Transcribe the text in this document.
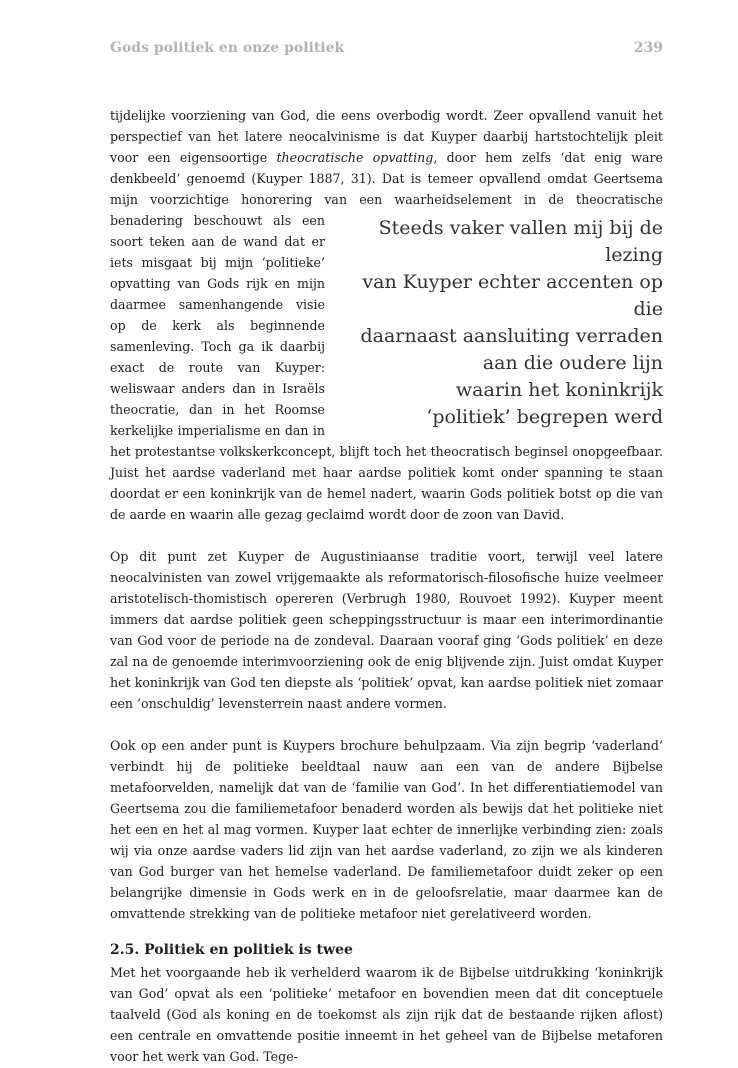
Gods politiek en onze politiek	239

tijdelijke voorziening van God, die eens overbodig wordt. Zeer opvallend vanuit het perspectief van het latere neocalvinisme is dat Kuyper daarbij hartstochtelijk pleit voor een eigensoortige theocratische opvatting, door hem zelfs ‘dat enig ware denkbeeld’ genoemd (Kuyper 1887, 31). Dat is temeer opvallend omdat Geertsema mijn voorzichtige honorering van een
Steeds vaker vallen mij bij de lezing
van Kuyper echter accenten op die
daarnaast aansluiting verraden
aan die oudere lijn
waarin het koninkrijk
‘politiek’ begrepen werd
waarheidselement in de theocratische benadering beschouwt als een soort teken aan de wand dat er iets misgaat bij mijn ‘politieke’ opvatting van Gods rijk en mijn daarmee samenhangende visie op de kerk als beginnende samenleving. Toch ga ik daarbij exact de route van Kuyper: weliswaar anders dan in Israëls theocratie, dan in het Roomse kerkelijke imperialisme en dan in het protestantse volkskerkconcept, blijft toch het theocratisch beginsel onopgeefbaar. Juist het aardse vaderland met haar aardse politiek komt onder spanning te staan doordat er een koninkrijk van de hemel nadert, waarin Gods politiek botst op die van de aarde en waarin alle gezag geclaimd wordt door de zoon van David.

Op dit punt zet Kuyper de Augustiniaanse traditie voort, terwijl veel latere neocalvinisten van zowel vrijgemaakte als reformatorisch-filosofische huize veelmeer aristotelisch-thomistisch opereren (Verbrugh 1980, Rouvoet 1992). Kuyper meent immers dat aardse politiek geen scheppingsstructuur is maar een interimordinantie van God voor de periode na de zondeval. Daaraan vooraf ging ‘Gods politiek’ en deze zal na de genoemde interimvoorziening ook de enig blijvende zijn. Juist omdat Kuyper het koninkrijk van God ten diepste als ‘politiek’ opvat, kan aardse politiek niet zomaar een ‘onschuldig’ levensterrein naast andere vormen.

Ook op een ander punt is Kuypers brochure behulpzaam. Via zijn begrip ‘vaderland’ verbindt hij de politieke beeldtaal nauw aan een van de andere Bijbelse metafoorvelden, namelijk dat van de ‘familie van God’. In het differentiatiemodel van Geertsema zou die familiemetafoor benaderd worden als bewijs dat het politieke niet het een en het al mag vormen. Kuyper laat echter de innerlijke verbinding zien: zoals wij via onze aardse vaders lid zijn van het aardse vaderland, zo zijn we als kinderen van God burger van het hemelse vaderland. De familiemetafoor duidt zeker op een belangrijke dimensie in Gods werk en in de geloofsrelatie, maar daarmee kan de omvattende strekking van de politieke metafoor niet gerelativeerd worden.

2.5. Politiek en politiek is twee

Met het voorgaande heb ik verhelderd waarom ik de Bijbelse uitdrukking ‘koninkrijk van God’ opvat als een ‘politieke’ metafoor en bovendien meen dat dit conceptuele taalveld (God als koning en de toekomst als zijn rijk dat de bestaande rijken aflost) een centrale en omvattende positie inneemt in het geheel van de Bijbelse metaforen voor het werk van God. Tege-
